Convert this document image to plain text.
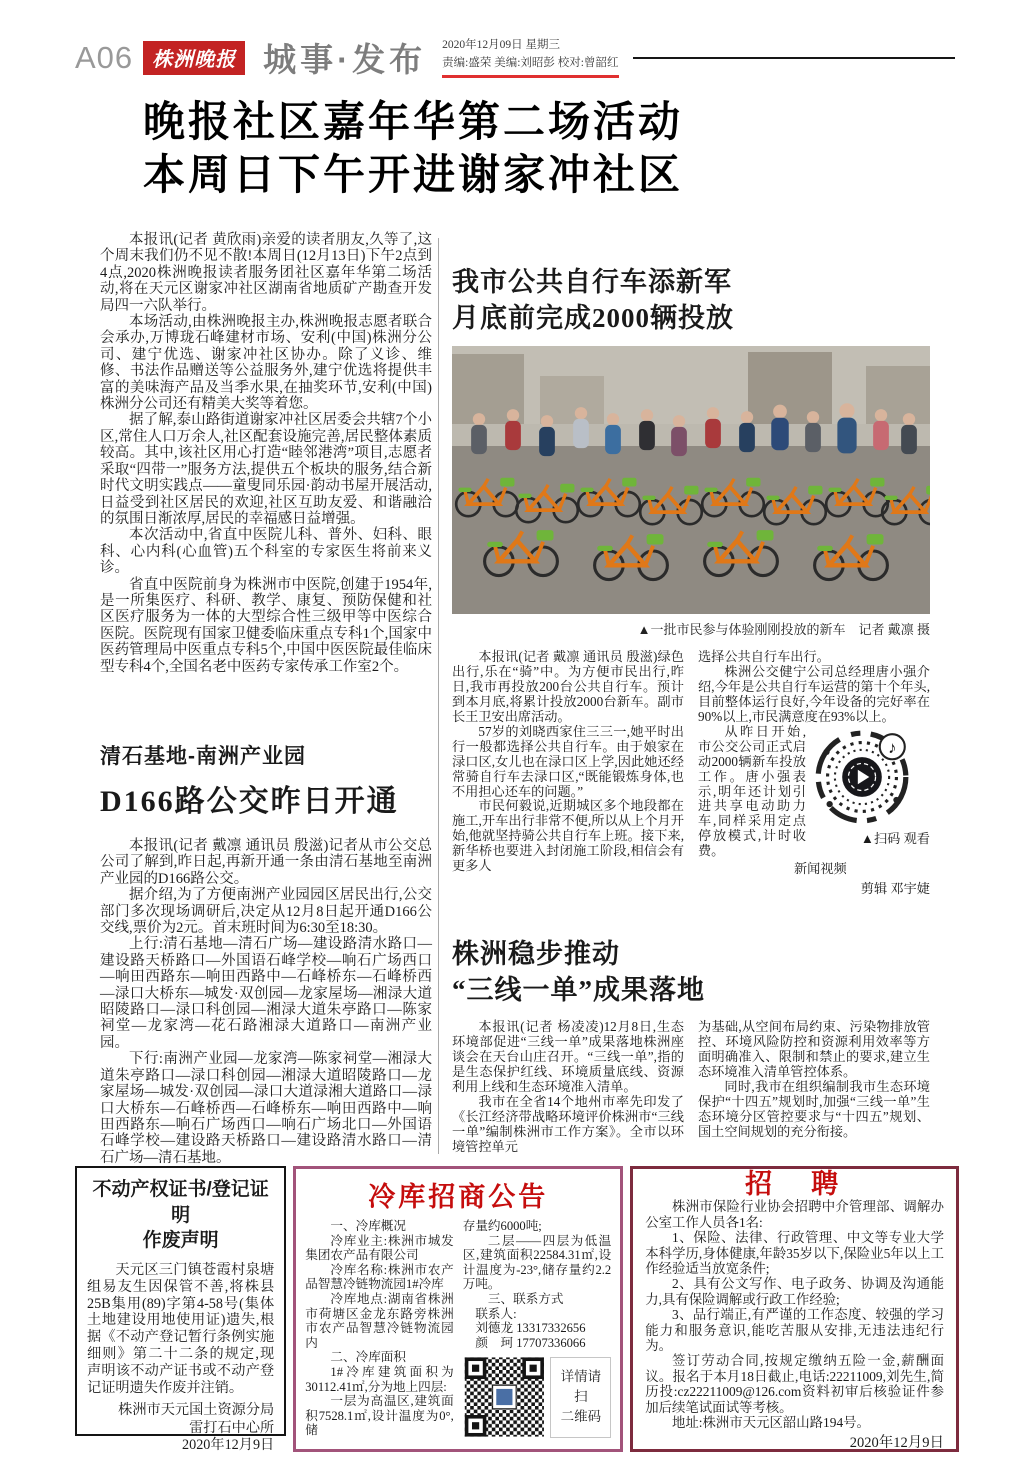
A06 株洲晚报 城事·发布 2020年12月09日 星期三
责编:盛荣 美编:刘昭彭 校对:曾韶红
晚报社区嘉年华第二场活动
本周日下午开进谢家冲社区

本报讯(记者 黄欣雨)亲爱的读者朋友,久等了,这个周末我们仍不见不散!本周日(12月13日)下午2点到4点,2020株洲晚报读者服务团社区嘉年华第二场活动,将在天元区谢家冲社区湖南省地质矿产勘查开发局四一六队举行。

本场活动,由株洲晚报主办,株洲晚报志愿者联合会承办,万博珑石峰建材市场、安利(中国)株洲分公司、建宁优选、谢家冲社区协办。除了义诊、维修、书法作品赠送等公益服务外,建宁优选将提供丰富的美味海产品及当季水果,在抽奖环节,安利(中国)株洲分公司还有精美大奖等着您。

据了解,泰山路街道谢家冲社区居委会共辖7个小区,常住人口万余人,社区配套设施完善,居民整体素质较高。其中,该社区用心打造“睦邻港湾”项目,志愿者采取“四带一”服务方法,提供五个板块的服务,结合新时代文明实践点——童叟同乐园·韵动书屋开展活动,日益受到社区居民的欢迎,社区互助友爱、和谐融洽的氛围日渐浓厚,居民的幸福感日益增强。

本次活动中,省直中医院儿科、普外、妇科、眼科、心内科(心血管)五个科室的专家医生将前来义诊。

省直中医院前身为株洲市中医院,创建于1954年,是一所集医疗、科研、教学、康复、预防保健和社区医疗服务为一体的大型综合性三级甲等中医综合医院。医院现有国家卫健委临床重点专科1个,国家中医药管理局中医重点专科5个,中国中医医院最佳临床型专科4个,全国名老中医药专家传承工作室2个。

清石基地-南洲产业园

D166路公交昨日开通

本报讯(记者 戴凛 通讯员 殷滋)记者从市公交总公司了解到,昨日起,再新开通一条由清石基地至南洲产业园的D166路公交。

据介绍,为了方便南洲产业园园区居民出行,公交部门多次现场调研后,决定从12月8日起开通D166公交线,票价为2元。首末班时间为6:30至18:30。

上行:清石基地—清石广场—建设路清水路口—建设路天桥路口—外国语石峰学校—响石广场西口—响田西路东—响田西路中—石峰桥东—石峰桥西—渌口大桥东—城发·双创园—龙家屋场—湘渌大道昭陵路口—渌口科创园—湘渌大道朱亭路口—陈家祠堂—龙家湾—花石路湘渌大道路口—南洲产业园。

下行:南洲产业园—龙家湾—陈家祠堂—湘渌大道朱亭路口—渌口科创园—湘渌大道昭陵路口—龙家屋场—城发·双创园—渌口大道渌湘大道路口—渌口大桥东—石峰桥西—石峰桥东—响田西路中—响田西路东—响石广场西口—响石广场北口—外国语石峰学校—建设路天桥路口—建设路清水路口—清石广场—清石基地。

我市公共自行车添新军
月底前完成2000辆投放

▲一批市民参与体验刚刚投放的新车　记者 戴凛 摄

本报讯(记者 戴凛 通讯员 殷滋)绿色出行,乐在“骑”中。为方便市民出行,昨日,我市再投放200台公共自行车。预计到本月底,将累计投放2000台新车。副市长王卫安出席活动。

57岁的刘晓西家住三三一,她平时出行一般都选择公共自行车。由于娘家在渌口区,女儿也在渌口区上学,因此她还经常骑自行车去渌口区,“既能锻炼身体,也不用担心还车的问题。”

市民何毅说,近期城区多个地段都在施工,开车出行非常不便,所以从上个月开始,他就坚持骑公共自行车上班。接下来,新华桥也要进入封闭施工阶段,相信会有更多人

选择公共自行车出行。

株洲公交健宁公司总经理唐小强介绍,今年是公共自行车运营的第十个年头,目前整体运行良好,今年设备的完好率在90%以上,市民满意度在93%以上。

♪
▲扫码 观看

从昨日开始,市公交公司正式启动2000辆新车投放工作。唐小强表示,明年还计划引进共享电动助力车,同样采用定点停放模式,计时收费。

新闻视频
剪辑 邓宇婕

株洲稳步推动
“三线一单”成果落地

本报讯(记者 杨凌凌)12月8日,生态环境部促进“三线一单”成果落地株洲座谈会在天台山庄召开。“三线一单”,指的是生态保护红线、环境质量底线、资源利用上线和生态环境准入清单。

我市在全省14个地州市率先印发了《长江经济带战略环境评价株洲市“三线一单”编制株洲市工作方案》。全市以环境管控单元

为基础,从空间布局约束、污染物排放管控、环境风险防控和资源利用效率等方面明确准入、限制和禁止的要求,建立生态环境准入清单管控体系。

同时,我市在组织编制我市生态环境保护“十四五”规划时,加强“三线一单”生态环境分区管控要求与“十四五”规划、国土空间规划的充分衔接。

不动产权证书/登记证明
作废声明

天元区三门镇苍霞村泉塘组易友生因保管不善,将株县25B集用(89)字第4-58号(集体土地建设用地使用证)遗失,根据《不动产登记暂行条例实施细则》第二十二条的规定,现声明该不动产证书或不动产登记证明遗失作废并注销。

株洲市天元国土资源分局

雷打石中心所

2020年12月9日

冷库招商公告

一、冷库概况

冷库业主:株洲市城发集团农产品有限公司

冷库名称:株洲市农产品智慧冷链物流园1#冷库

冷库地点:湖南省株洲市荷塘区金龙东路旁株洲市农产品智慧冷链物流园内

二、冷库面积

1#冷库建筑面积为30112.41㎡,分为地上四层:

一层为高温区,建筑面积7528.1㎡,设计温度为0°,储

存量约6000吨;

二层——四层为低温区,建筑面积22584.31㎡,设计温度为-23°,储存量约2.2万吨。

三、联系方式

联系人:

刘德龙 13317332656

颜　珂 17707336066

详情请扫
二维码

招　聘

株洲市保险行业协会招聘中介管理部、调解办公室工作人员各1名:

1、保险、法律、行政管理、中文等专业大学本科学历,身体健康,年龄35岁以下,保险业5年以上工作经验适当放宽条件;

2、具有公文写作、电子政务、协调及沟通能力,具有保险调解或行政工作经验;

3、品行端正,有严谨的工作态度、较强的学习能力和服务意识,能吃苦服从安排,无违法违纪行为。

签订劳动合同,按规定缴纳五险一金,薪酬面议。报名于本月18日截止,电话:22211009,刘先生,简历投:cz22211009@126.com资料初审后核验证件参加后续笔试面试等考核。

地址:株洲市天元区韶山路194号。

2020年12月9日
